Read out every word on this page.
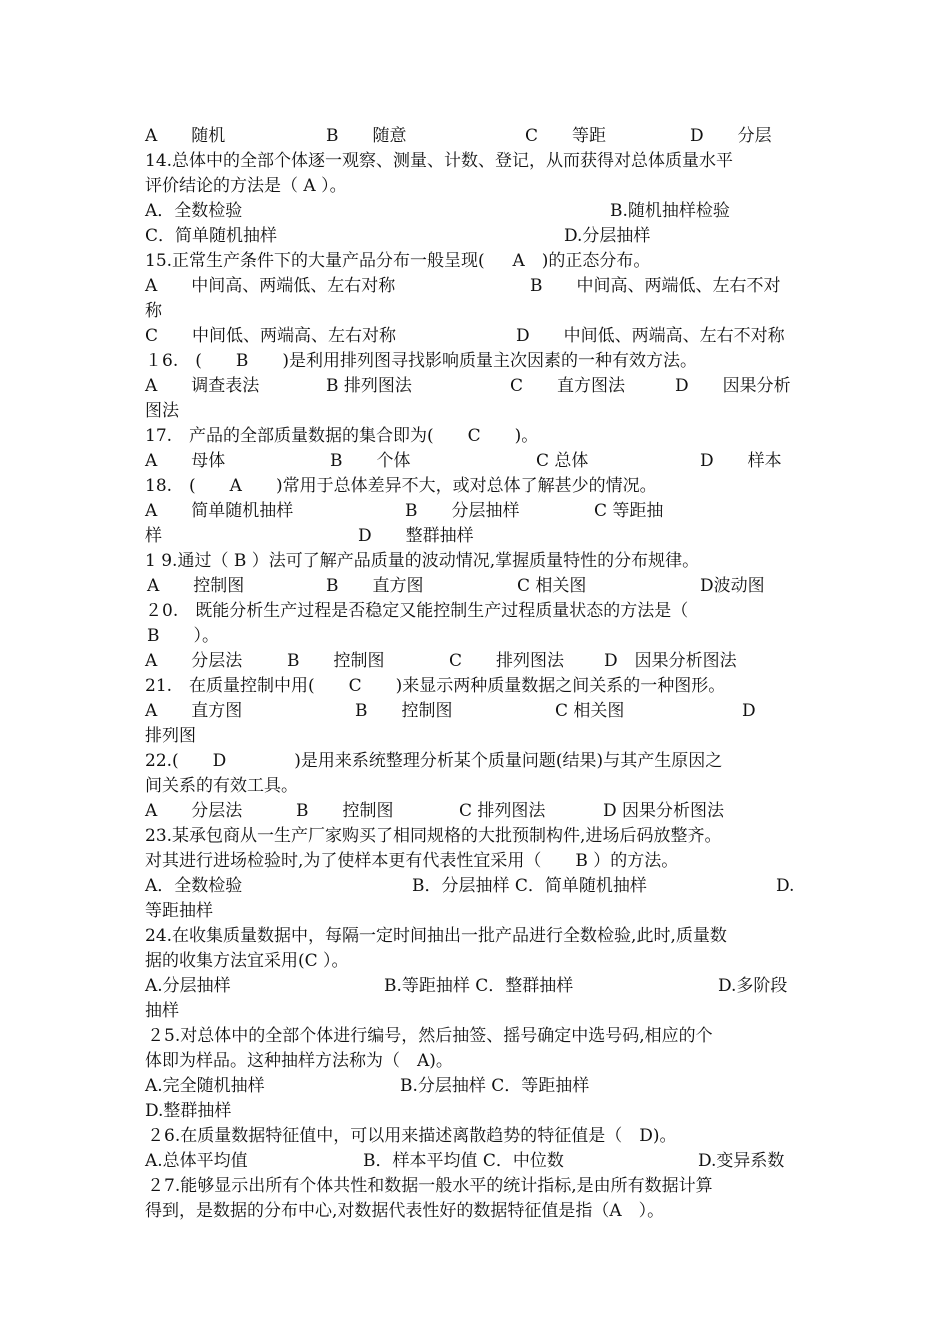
A　　随机	B　　随意	C　　等距	D　　分层
14.总体中的全部个体逐一观察、测量、计数、登记，从而获得对总体质量水平
评价结论的方法是（ A ）。
A．全数检验	B.随机抽样检验
C．简单随机抽样	D.分层抽样
15.正常生产条件下的大量产品分布一般呈现(　  A　)的正态分布。
A　　中间高、两端低、左右对称	B　　中间高、两端低、左右不对
称
C　　中间低、两端高、左右对称	D　　中间低、两端高、左右不对称
１6.　(　　B　　)是利用排列图寻找影响质量主次因素的一种有效方法。
A　　调查表法	B 排列图法	C　　直方图法	D　　因果分析
图法
17.　产品的全部质量数据的集合即为(　　C　　)。
A　　母体	B　　个体	C 总体	D　　样本
18.　(　　A　　)常用于总体差异不大，或对总体了解甚少的情况。
A　　简单随机抽样	B　　分层抽样	C 等距抽
样	D　　整群抽样
1 9.通过（ B ）法可了解产品质量的波动情况,掌握质量特性的分布规律。
A　　控制图	B　　直方图	C 相关图	D波动图
２0.　既能分析生产过程是否稳定又能控制生产过程质量状态的方法是（
B　　）。
A　　分层法	B　　控制图	C　　排列图法 D　因果分析图法
21.　在质量控制中用(　　C　　)来显示两种质量数据之间关系的一种图形。
A　　直方图	B　　控制图	C 相关图	D
排列图
22.(　　D　　　　)是用来系统整理分析某个质量问题(结果)与其产生原因之
间关系的有效工具。
A　　分层法	B　　控制图	C 排列图法	D 因果分析图法
23.某承包商从一生产厂家购买了相同规格的大批预制构件,进场后码放整齐。
对其进行进场检验时,为了使样本更有代表性宜采用（　　B ）的方法。
A．全数检验	B．分层抽样 C．简单随机抽样	D.
等距抽样
24.在收集质量数据中，每隔一定时间抽出一批产品进行全数检验,此时,质量数
据的收集方法宜采用(C ）。
A.分层抽样	B.等距抽样 C．整群抽样	D.多阶段
抽样
２5.对总体中的全部个体进行编号，然后抽签、摇号确定中选号码,相应的个
体即为样品。这种抽样方法称为（　A)。
A.完全随机抽样	B.分层抽样 C．等距抽样
D.整群抽样
２6.在质量数据特征值中，可以用来描述离散趋势的特征值是（　D)。
A.总体平均值	B．样本平均值 C．中位数	D.变异系数
２7.能够显示出所有个体共性和数据一般水平的统计指标,是由所有数据计算
得到，是数据的分布中心,对数据代表性好的数据特征值是指（A　）。
